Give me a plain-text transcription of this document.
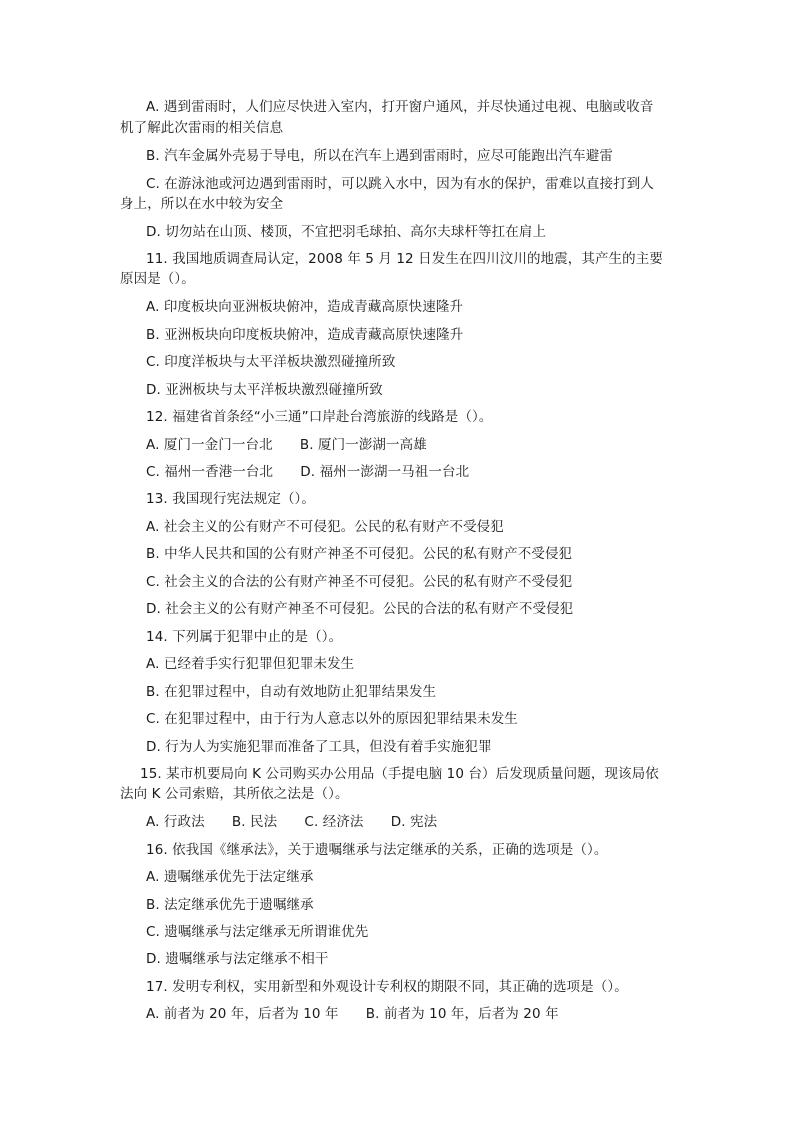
A. 遇到雷雨时，人们应尽快进入室内，打开窗户通风，并尽快通过电视、电脑或收音
机了解此次雷雨的相关信息
B. 汽车金属外壳易于导电，所以在汽车上遇到雷雨时，应尽可能跑出汽车避雷
C. 在游泳池或河边遇到雷雨时，可以跳入水中，因为有水的保护，雷难以直接打到人
身上，所以在水中较为安全
D. 切勿站在山顶、楼顶，不宜把羽毛球拍、高尔夫球杆等扛在肩上
11. 我国地质调查局认定，2008 年 5 月 12 日发生在四川汶川的地震，其产生的主要
原因是（）。
A. 印度板块向亚洲板块俯冲，造成青藏高原快速隆升
B. 亚洲板块向印度板块俯冲，造成青藏高原快速隆升
C. 印度洋板块与太平洋板块激烈碰撞所致
D. 亚洲板块与太平洋板块激烈碰撞所致
12. 福建省首条经“小三通”口岸赴台湾旅游的线路是（）。
A. 厦门一金门一台北　　B. 厦门一澎湖一高雄
C. 福州一香港一台北　　D. 福州一澎湖一马祖一台北
13. 我国现行宪法规定（）。
A. 社会主义的公有财产不可侵犯。公民的私有财产不受侵犯
B. 中华人民共和国的公有财产神圣不可侵犯。公民的私有财产不受侵犯
C. 社会主义的合法的公有财产神圣不可侵犯。公民的私有财产不受侵犯
D. 社会主义的公有财产神圣不可侵犯。公民的合法的私有财产不受侵犯
14. 下列属于犯罪中止的是（）。
A. 已经着手实行犯罪但犯罪未发生
B. 在犯罪过程中，自动有效地防止犯罪结果发生
C. 在犯罪过程中，由于行为人意志以外的原因犯罪结果未发生
D. 行为人为实施犯罪而准备了工具，但没有着手实施犯罪
15. 某市机要局向 K 公司购买办公用品（手提电脑 10 台）后发现质量问题，现该局依
法向 K 公司索赔，其所依之法是（）。
A. 行政法　　B. 民法　　C. 经济法　　D. 宪法
16. 依我国《继承法》，关于遗嘱继承与法定继承的关系，正确的选项是（）。
A. 遗嘱继承优先于法定继承
B. 法定继承优先于遗嘱继承
C. 遗嘱继承与法定继承无所谓谁优先
D. 遗嘱继承与法定继承不相干
17. 发明专利权，实用新型和外观设计专利权的期限不同，其正确的选项是（）。
A. 前者为 20 年，后者为 10 年　　B. 前者为 10 年，后者为 20 年
